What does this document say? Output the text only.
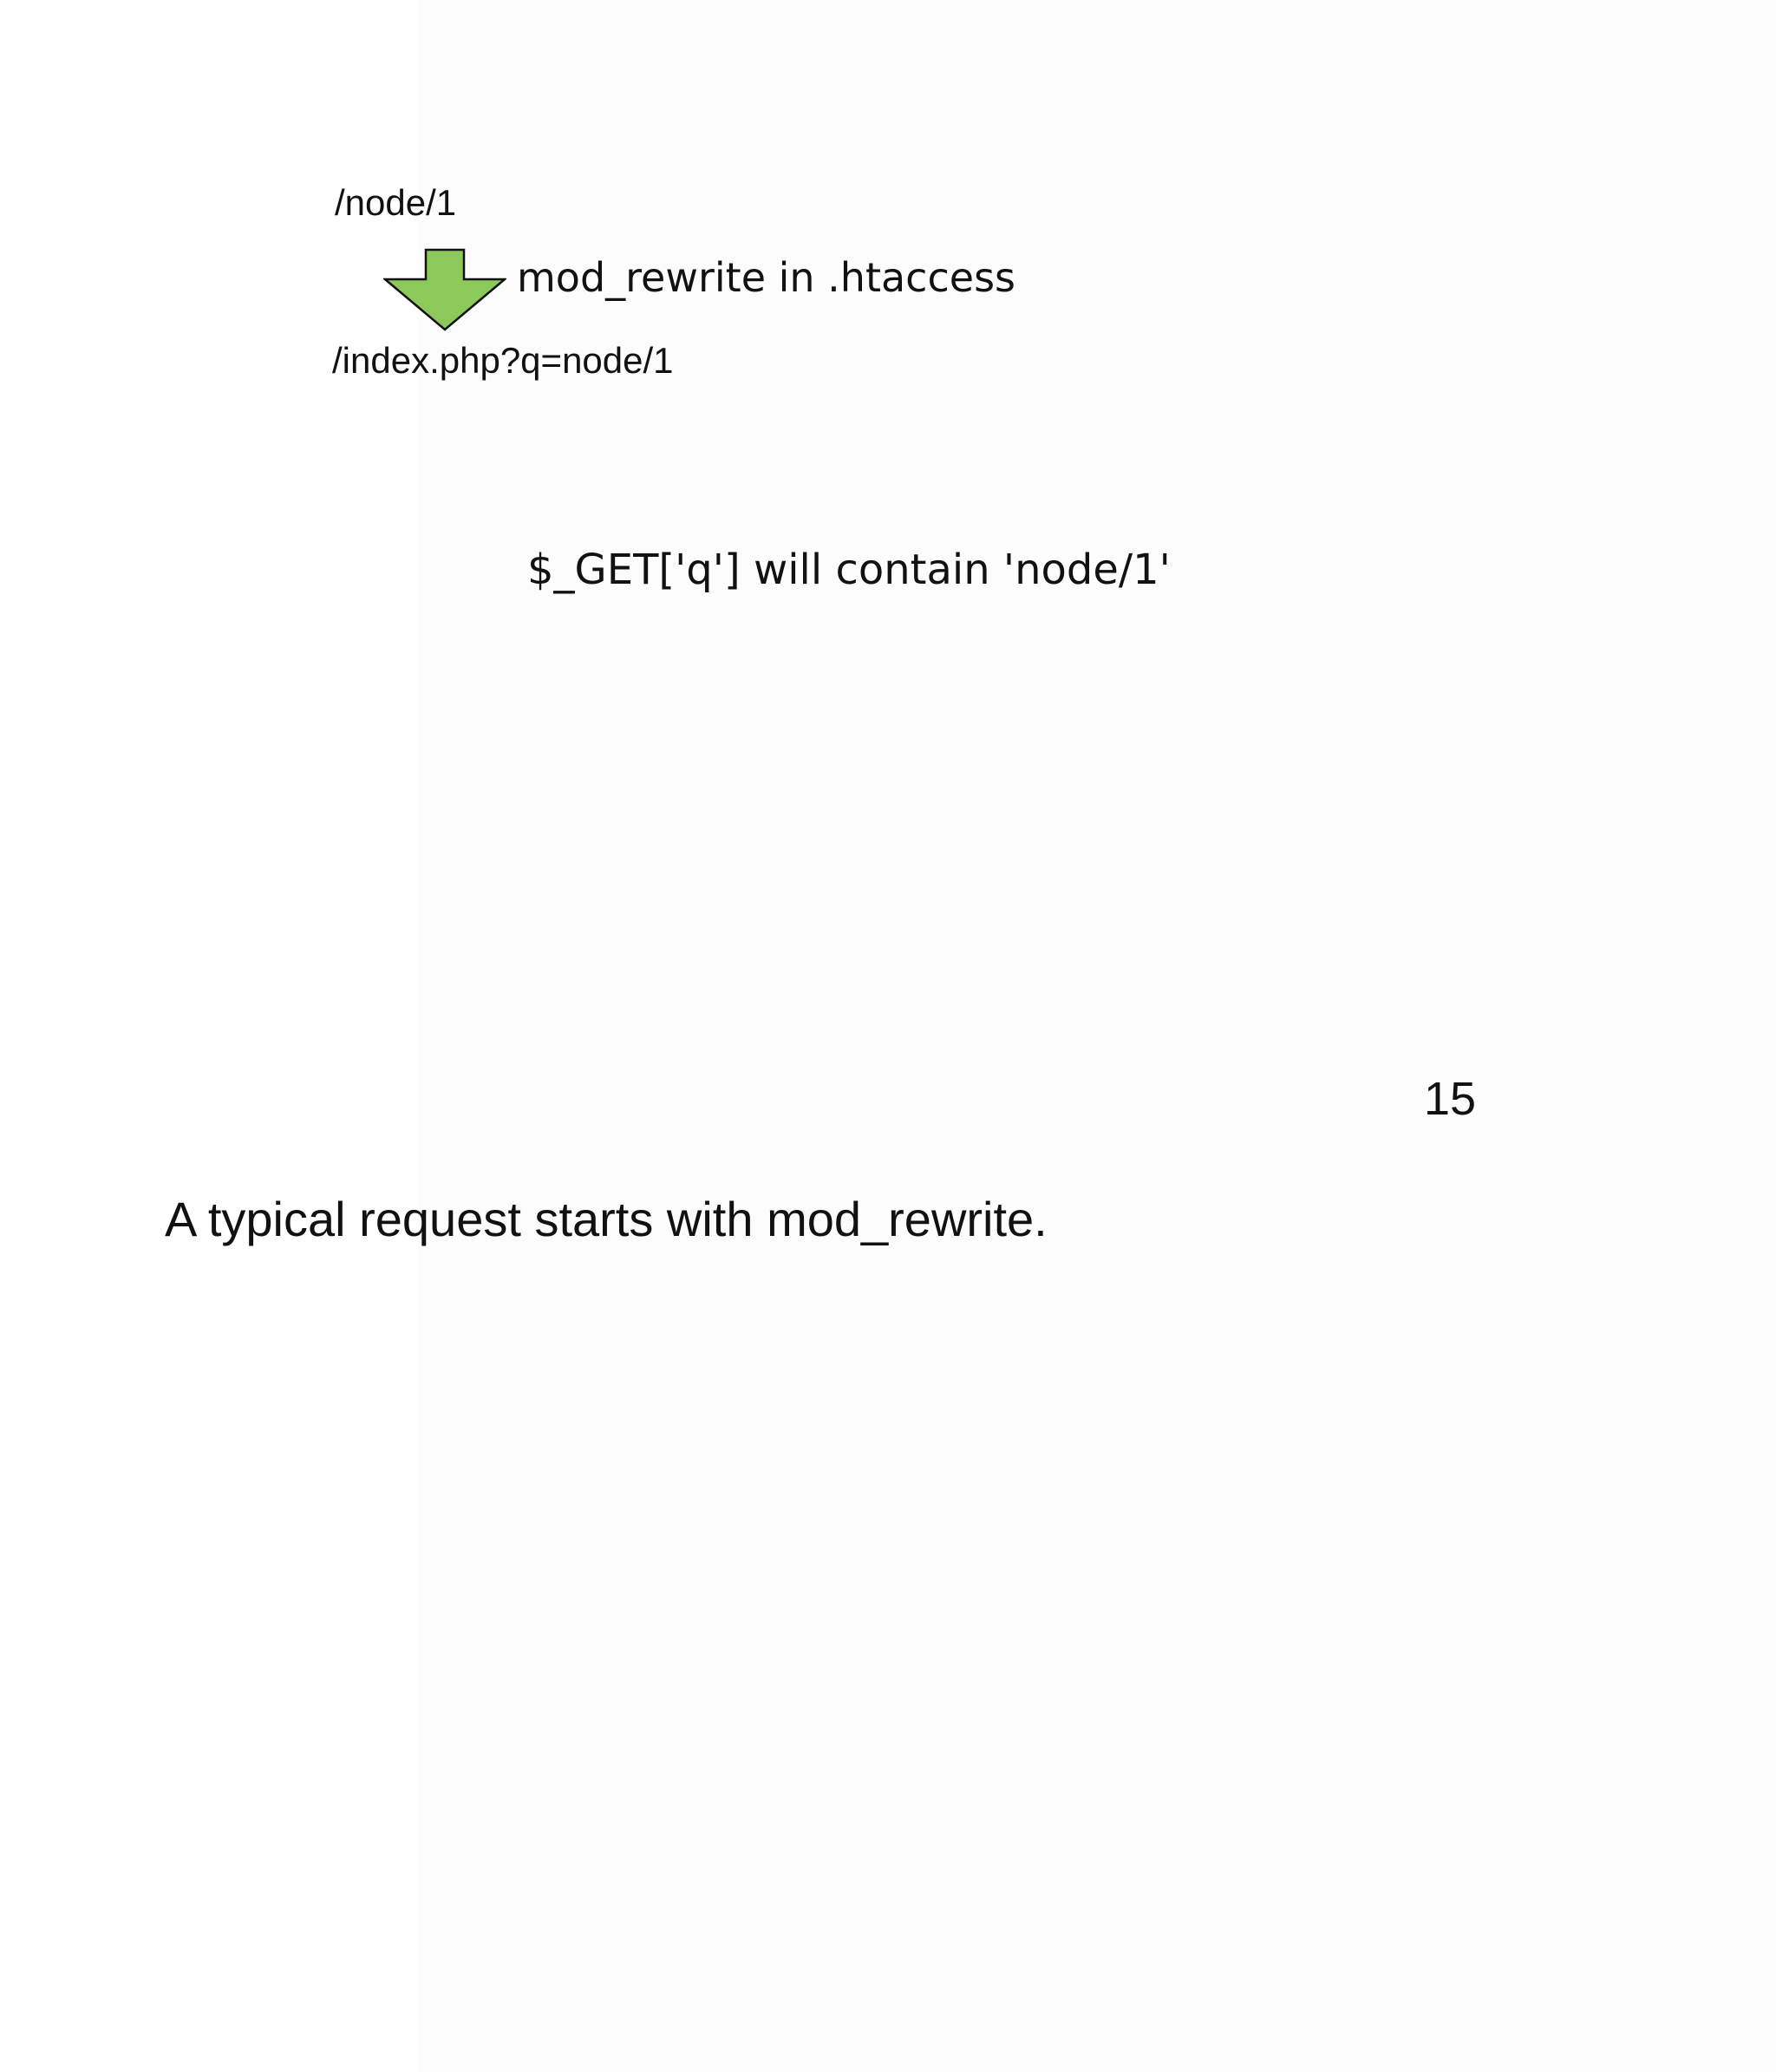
/node/1
mod_rewrite in .htaccess
/index.php?q=node/1
$_GET['q'] will contain 'node/1'
15
A typical request starts with mod_rewrite.
